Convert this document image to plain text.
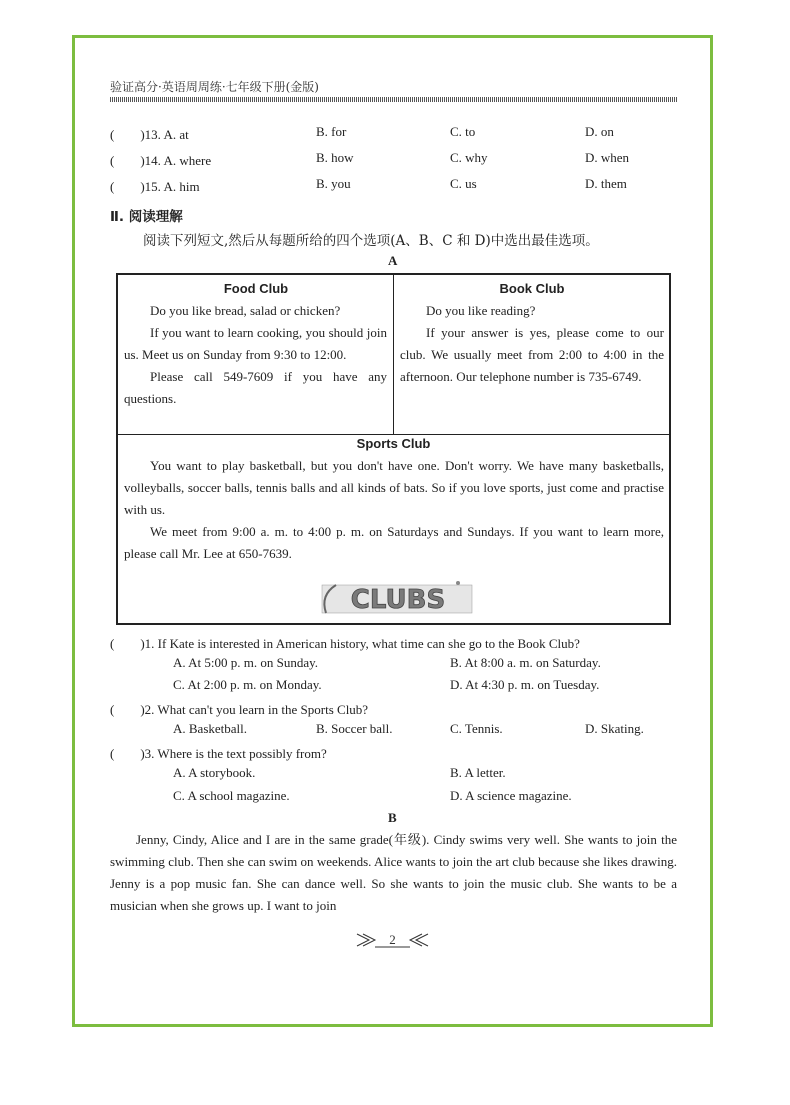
验证高分·英语周周练·七年级下册(金版)
(　　)13. A. at	B. for	C. to	D. on
(　　)14. A. where	B. how	C. why	D. when
(　　)15. A. him	B. you	C. us	D. them
Ⅱ. 阅读理解
阅读下列短文,然后从每题所给的四个选项(A、B、C 和 D)中选出最佳选项。
A
Food Club

Do you like bread, salad or chicken?

If you want to learn cooking, you should join us. Meet us on Sunday from 9:30 to 12:00.

Please call 549-7609 if you have any questions.

Book Club

Do you like reading?

If your answer is yes, please come to our club. We usually meet from 2:00 to 4:00 in the afternoon. Our telephone number is 735-6749.

Sports Club

You want to play basketball, but you don't have one. Don't worry. We have many basketballs, volleyballs, soccer balls, tennis balls and all kinds of bats. So if you love sports, just come and practise with us.

We meet from 9:00 a. m. to 4:00 p. m. on Saturdays and Sundays. If you want to learn more, please call Mr. Lee at 650-7639.

CLUBS
(　　)1. If Kate is interested in American history, what time can she go to the Book Club?
A. At 5:00 p. m. on Sunday.	B. At 8:00 a. m. on Saturday.
C. At 2:00 p. m. on Monday.	D. At 4:30 p. m. on Tuesday.
(　　)2. What can't you learn in the Sports Club?
A. Basketball.	B. Soccer ball.	C. Tennis.	D. Skating.
(　　)3. Where is the text possibly from?
A. A storybook.	B. A letter.
C. A school magazine.	D. A science magazine.
B

Jenny, Cindy, Alice and I are in the same grade(年级). Cindy swims very well. She wants to join the swimming club. Then she can swim on weekends. Alice wants to join the art club because she likes drawing. Jenny is a pop music fan. She can dance well. So she wants to join the music club. She wants to be a musician when she grows up. I want to join

2
